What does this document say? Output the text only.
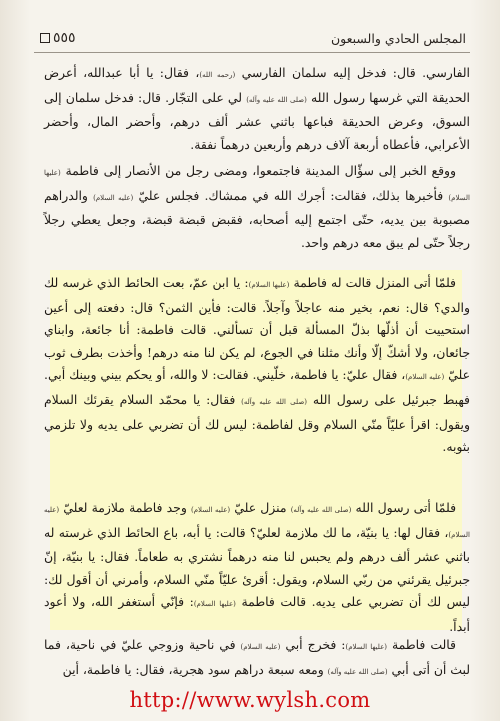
٥٥٥	المجلس الحادي والسبعون

الفارسي. قال: فدخل إليه سلمان الفارسي (رحمه الله)، فقال: يا أبا عبدالله، أعرض الحديقة التي غرسها رسول الله (صلى الله عليه وآله) لي على التجّار. قال: فدخل سلمان إلى السوق، وعرض الحديقة فباعها باثني عشر ألف درهم، وأحضر المال، وأحضر الأعرابي، فأعطاه أربعة آلاف درهم وأربعين درهماً نفقة.

ووقع الخبر إلى سؤّال المدينة فاجتمعوا، ومضى رجل من الأنصار إلى فاطمة (عليها السلام) فأخبرها بذلك، فقالت: أجرك الله في ممشاك. فجلس عليّ (عليه السلام) والدراهم مصبوبة بين يديه، حتّى اجتمع إليه أصحابه، فقبض قبضة قبضة، وجعل يعطي رجلاً رجلاً حتّى لم يبق معه درهم واحد.

فلمّا أتى المنزل قالت له فاطمة (عليها السلام): يا ابن عمّ، بعت الحائط الذي غرسه لك والدي؟ قال: نعم، بخير منه عاجلاً وآجلاً. قالت: فأين الثمن؟ قال: دفعته إلى أعين استحييت أن أذلّها بذلّ المسألة قبل أن تسألني. قالت فاطمة: أنا جائعة، وابناي جائعان، ولا أشكّ إلّا وأنك مثلنا في الجوع، لم يكن لنا منه درهم! وأخذت بطرف ثوب عليّ (عليه السلام)، فقال عليّ: يا فاطمة، خلّيني. فقالت: لا والله، أو يحكم بيني وبينك أبي. فهبط جبرئيل على رسول الله (صلى الله عليه وآله) فقال: يا محمّد السلام يقرئك السلام ويقول: اقرأ عليّاً منّي السلام وقل لفاطمة: ليس لك أن تضربي على يديه ولا تلزمي بثوبه.

فلمّا أتى رسول الله (صلى الله عليه وآله) منزل عليّ (عليه السلام) وجد فاطمة ملازمة لعليّ (عليه السلام)، فقال لها: يا بنيّة، ما لك ملازمة لعليّ؟ قالت: يا أبه، باع الحائط الذي غرسته له باثني عشر ألف درهم ولم يحبس لنا منه درهماً نشتري به طعاماً. فقال: يا بنيّة، إنّ جبرئيل يقرئني من ربّي السلام، ويقول: أقرئ عليّاً منّي السلام، وأمرني أن أقول لك: ليس لك أن تضربي على يديه. قالت فاطمة (عليها السلام): فإنّي أستغفر الله، ولا أعود أبداً.

قالت فاطمة (عليها السلام): فخرج أبي (عليه السلام) في ناحية وزوجي عليّ في ناحية، فما لبث أن أتى أبي (صلى الله عليه وآله) ومعه سبعة دراهم سود هجرية، فقال: يا فاطمة، أين

http://www.wylsh.com
